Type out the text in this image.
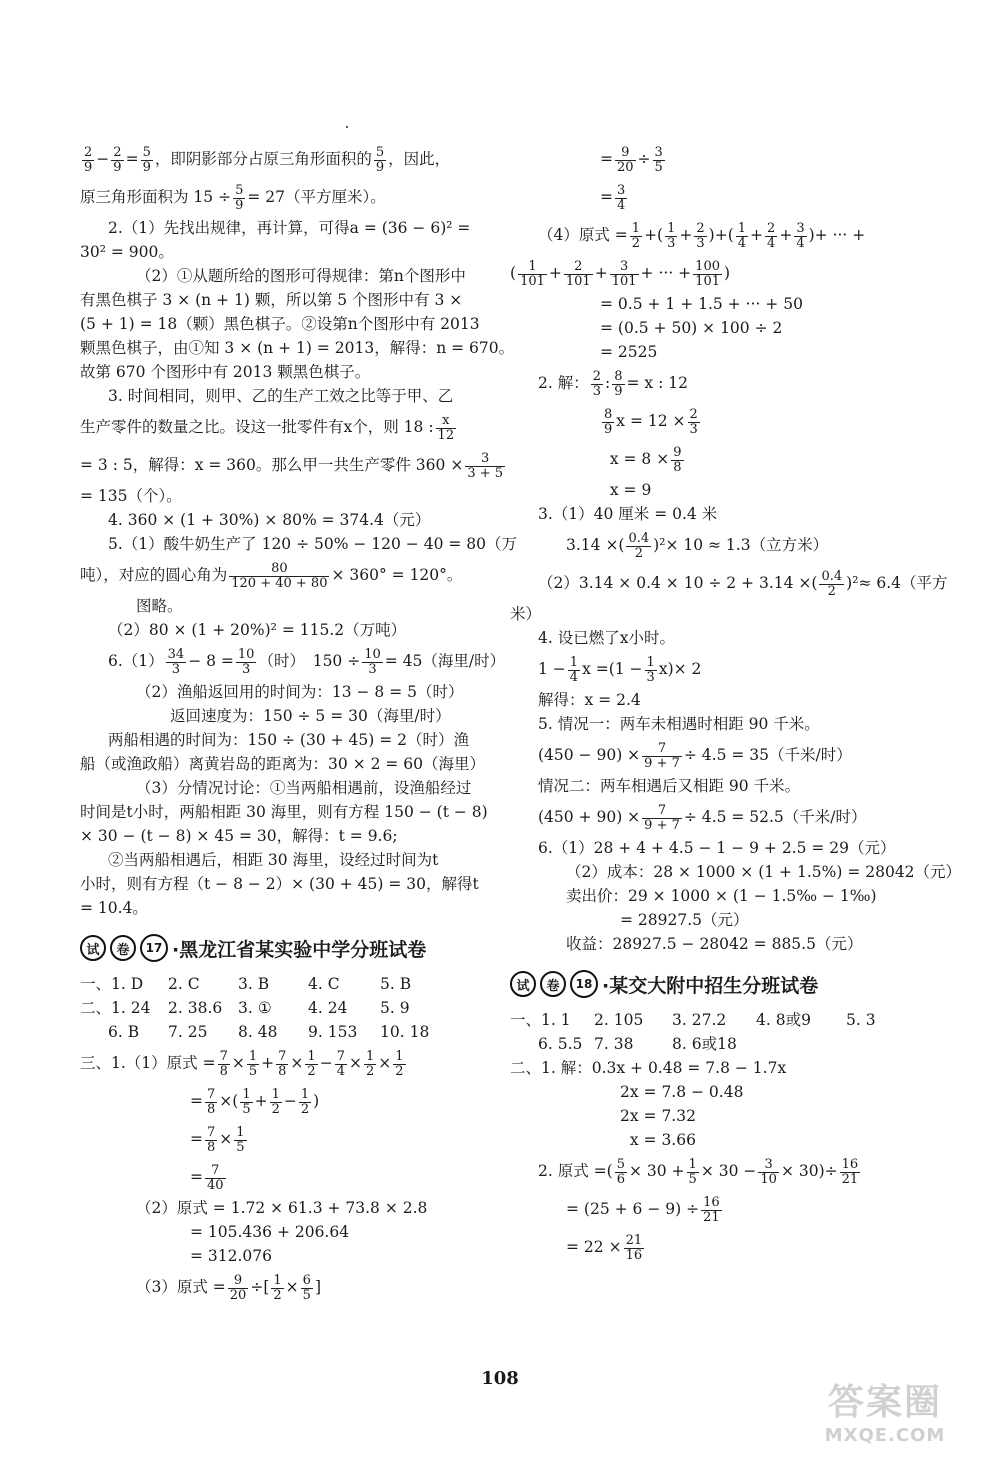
$\frac{2}{9} - \frac{2}{9} = \frac{5}{9}$ ，即阴影部分占原三角形面积的 $\frac{5}{9}$ ，因此，

原三角形面积为 $15 \div \frac{5}{9} = 27$（平方厘米）。

2.（1）先找出规律，再计算，可得a = (36 − 6)² =

30² = 900。

（2）①从题所给的图形可得规律：第n个图形中

有黑色棋子 3 × (n + 1) 颗，所以第 5 个图形中有 3 ×

(5 + 1) = 18（颗）黑色棋子。②设第n个图形中有 2013

颗黑色棋子，由①知 3 × (n + 1) = 2013，解得：n = 670。

故第 670 个图形中有 2013 颗黑色棋子。

3. 时间相同，则甲、乙的生产工效之比等于甲、乙

生产零件的数量之比。设这一批零件有x个，则 18 : $\frac{x}{12}$

= 3 : 5，解得：x = 360。那么甲一共生产零件 $360 \times \frac{3}{3 + 5}$

= 135（个）。

4. 360 × (1 + 30%) × 80% = 374.4（元）

5.（1）酸牛奶生产了 120 ÷ 50% − 120 − 40 = 80（万

吨），对应的圆心角为 $\frac{80}{120 + 40 + 80} \times 360^\circ = 120^\circ$。

图略。

（2）80 × (1 + 20%)² = 115.2（万吨）

$6.(1) \frac{34}{3} - 8 = \frac{10}{3}$ （时）　$150 \div \frac{10}{3} = 45$（海里/时）

（2）渔船返回用的时间为：13 − 8 = 5（时）

返回速度为：150 ÷ 5 = 30（海里/时）

两船相遇的时间为：150 ÷ (30 + 45) = 2（时）渔

船（或渔政船）离黄岩岛的距离为：30 × 2 = 60（海里）

（3）分情况讨论：①当两船相遇前，设渔船经过

时间是t小时，两船相距 30 海里，则有方程 150 − (t − 8)

× 30 − (t − 8) × 45 = 30，解得：t = 9.6;

②当两船相遇后，相距 30 海里，设经过时间为t

小时，则有方程（t − 8 − 2）× (30 + 45) = 30，解得t

= 10.4。

试	卷	17 ·黑龙江省某实验中学分班试卷

一、1. D 2. C 3. B	4. C	5. B

二、1. 24 2. 38.6 3. ① 4. 24 5. 9

6. B 7. 25 8. 48 9. 153 10. 18

三、1.（1）原式 = $\frac{7}{8} \times \frac{1}{5} + \frac{7}{8} \times \frac{1}{2} - \frac{7}{4} \times \frac{1}{2} \times \frac{1}{2}$

= $\frac{7}{8}$ ×( $\frac{1}{5} + \frac{1}{2} - \frac{1}{2}$ )

= $\frac{7}{8} \times \frac{1}{5}$

= $\frac{7}{40}$

（2）原式 = 1.72 × 61.3 + 73.8 × 2.8

= 105.436 + 206.64

= 312.076

（3）原式 = $\frac{9}{20}$ ÷[ $\frac{1}{2} \times \frac{6}{5}$ ]

= $\frac{9}{20} \div \frac{3}{5}$

= $\frac{3}{4}$

（4）原式 = $\frac{1}{2}$ +( $\frac{1}{3} + \frac{2}{3}$ )+( $\frac{1}{4} + \frac{2}{4} + \frac{3}{4}$ )+ ··· +

( $\frac{1}{101} + \frac{2}{101} + \frac{3}{101}$ + ··· + $\frac{100}{101}$ )

= 0.5 + 1 + 1.5 + ··· + 50

= (0.5 + 50) × 100 ÷ 2

= 2525

2. 解： $\frac{2}{3}$ : $\frac{8}{9} = x$ : 12

$\frac{8}{9}$ $x = 12 \times \frac{2}{3}$

$x = 8 \times \frac{9}{8}$

x = 9

3.（1）40 厘米 = 0.4 米

3.14 ×( $\frac{0.4}{2} )^2\times 10 \approx 1.3$（立方米）

（2）3.14 × 0.4 × 10 ÷ 2 + 3.14 ×( $\frac{0.4}{2} )^2\approx 6.4$（平方

米）

4. 设已燃了x小时。

$1 - \frac{1}{4}$ $x =(1 - \frac{1}{3} x)\times 2$

解得：x = 2.4

5. 情况一：两车未相遇时相距 90 千米。

$(450 - 90) \times \frac{7}{9 + 7} \div 4.5 = 35$（千米/时）

情况二：两车相遇后又相距 90 千米。

$(450 + 90) \times \frac{7}{9 + 7} \div 4.5 = 52.5$（千米/时）

6.（1）28 + 4 + 4.5 − 1 − 9 + 2.5 = 29（元）

（2）成本：28 × 1000 × (1 + 1.5%) = 28042（元）

卖出价：29 × 1000 × (1 − 1.5‰ − 1‰)

= 28927.5（元）

收益：28927.5 − 28042 = 885.5（元）

试	卷	18 ·某交大附中招生分班试卷

一、1. 1 2. 105 3. 27.2 4. 8或9 5. 3

6. 5.5 7. 38 8. 6或18

二、1. 解：0.3x + 0.48 = 7.8 − 1.7x

2x = 7.8 − 0.48

2x = 7.32

x = 3.66

2. 原式 =( $\frac{5}{6} \times 30 + \frac{1}{5} \times 30 - \frac{3}{10} \times 30)\div \frac{16}{21}$

= $(25 + 6 - 9) \div \frac{16}{21}$

= $22 \times \frac{21}{16}$

108
答案圈
MXQE.COM
